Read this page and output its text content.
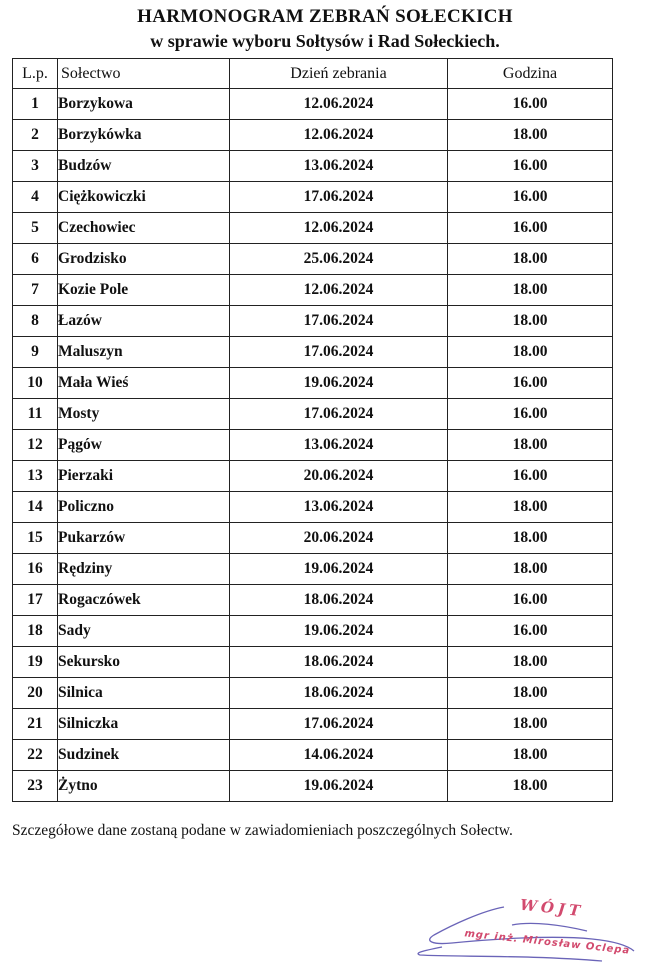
HARMONOGRAM ZEBRAŃ SOŁECKICH
w sprawie wyboru Sołtysów i Rad Sołeckiech.
L.p.	Sołectwo	Dzień zebrania	Godzina
1	Borzykowa	12.06.2024	16.00
2	Borzykówka	12.06.2024	18.00
3	Budzów	13.06.2024	16.00
4	Ciężkowiczki	17.06.2024	16.00
5	Czechowiec	12.06.2024	16.00
6	Grodzisko	25.06.2024	18.00
7	Kozie Pole	12.06.2024	18.00
8	Łazów	17.06.2024	18.00
9	Maluszyn	17.06.2024	18.00
10	Mała Wieś	19.06.2024	16.00
11	Mosty	17.06.2024	16.00
12	Pągów	13.06.2024	18.00
13	Pierzaki	20.06.2024	16.00
14	Policzno	13.06.2024	18.00
15	Pukarzów	20.06.2024	18.00
16	Rędziny	19.06.2024	18.00
17	Rogaczówek	18.06.2024	16.00
18	Sady	19.06.2024	16.00
19	Sekursko	18.06.2024	18.00
20	Silnica	18.06.2024	18.00
21	Silniczka	17.06.2024	18.00
22	Sudzinek	14.06.2024	18.00
23	Żytno	19.06.2024	18.00
Szczegółowe dane zostaną podane w zawiadomieniach poszczególnych Sołectw.
WÓJT
mgr inż. Mirosław Oclepa
